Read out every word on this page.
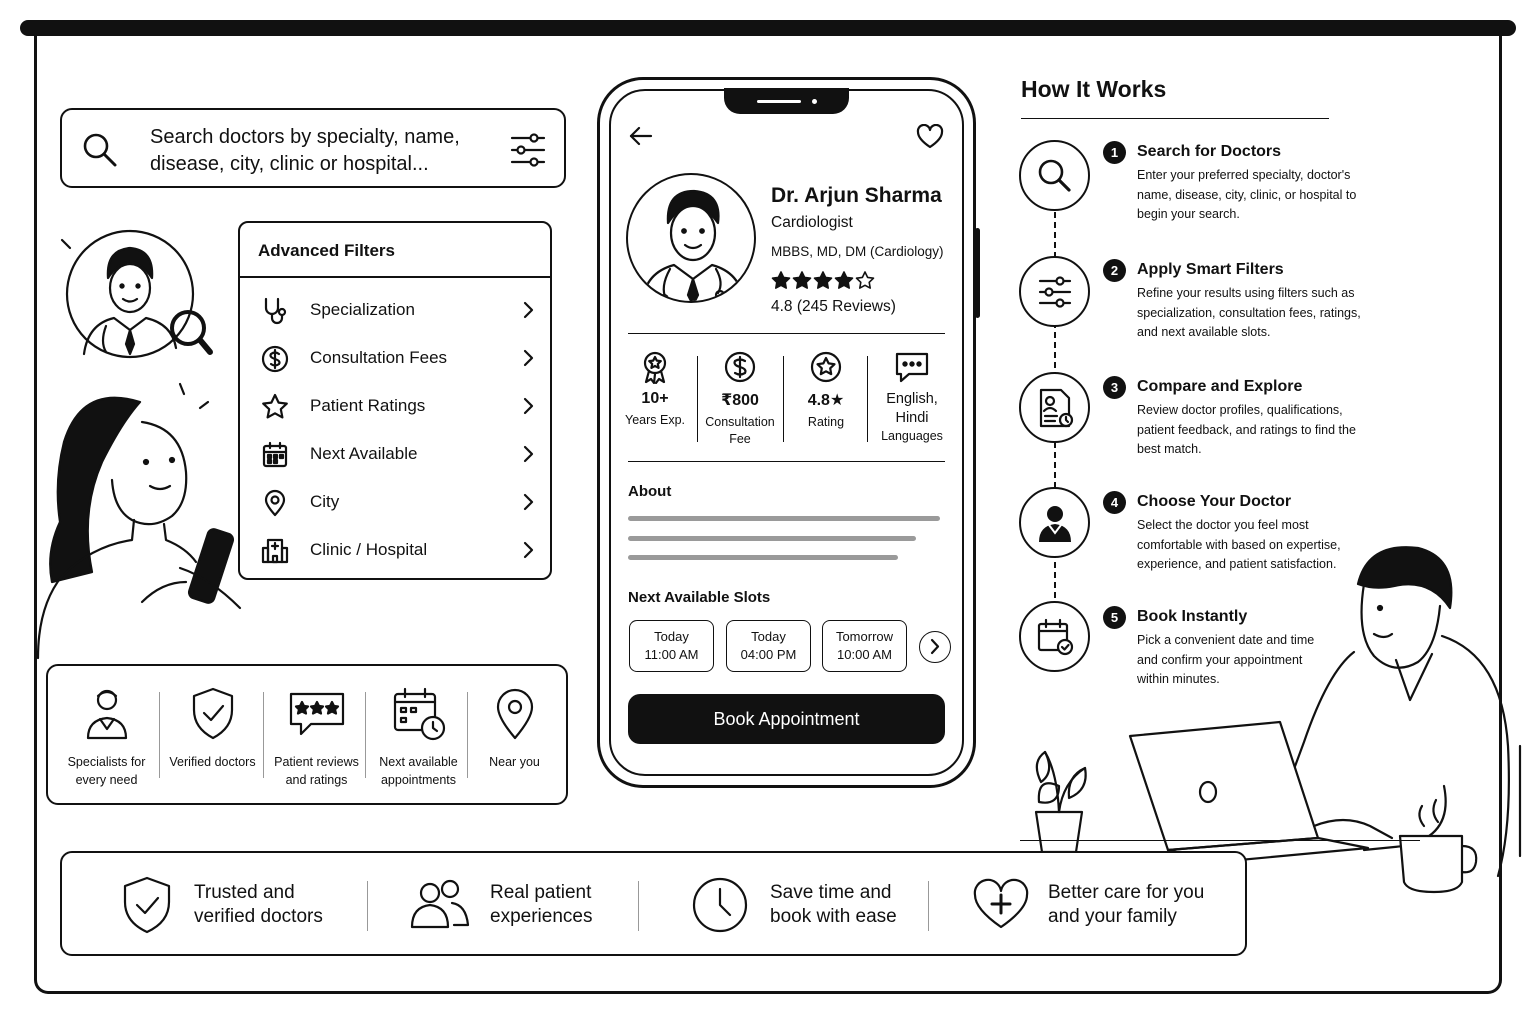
Search doctors by specialty, name, disease, city, clinic or hospital...
Advanced Filters
Specialization
Consultation Fees
Patient Ratings
Next Available
City
Clinic / Hospital
Specialists for every need
Verified doctors	Patient reviews and ratings
Next available appointments
Near you
Dr. Arjun Sharma
Cardiologist
MBBS, MD, DM (Cardiology)
4.8 (245 Reviews)
10+
Years Exp.
₹800
Consultation Fee
4.8★
Rating
English, Hindi
Languages
About
Next Available Slots
Today
11:00 AM
Today
04:00 PM
Tomorrow
10:00 AM
Book Appointment
How It Works
1	Search for Doctors
Enter your preferred specialty, doctor's name, disease, city, clinic, or hospital to begin your search.
2	Apply Smart Filters
Refine your results using filters such as specialization, consultation fees, ratings, and next available slots.
3	Compare and Explore
Review doctor profiles, qualifications, patient feedback, and ratings to find the best match.
4	Choose Your Doctor
Select the doctor you feel most comfortable with based on expertise, experience, and patient satisfaction.
5	Book Instantly
Pick a convenient date and time and confirm your appointment within minutes.
Trusted and
verified doctors
Real patient
experiences
Save time and
book with ease
Better care for you
and your family
